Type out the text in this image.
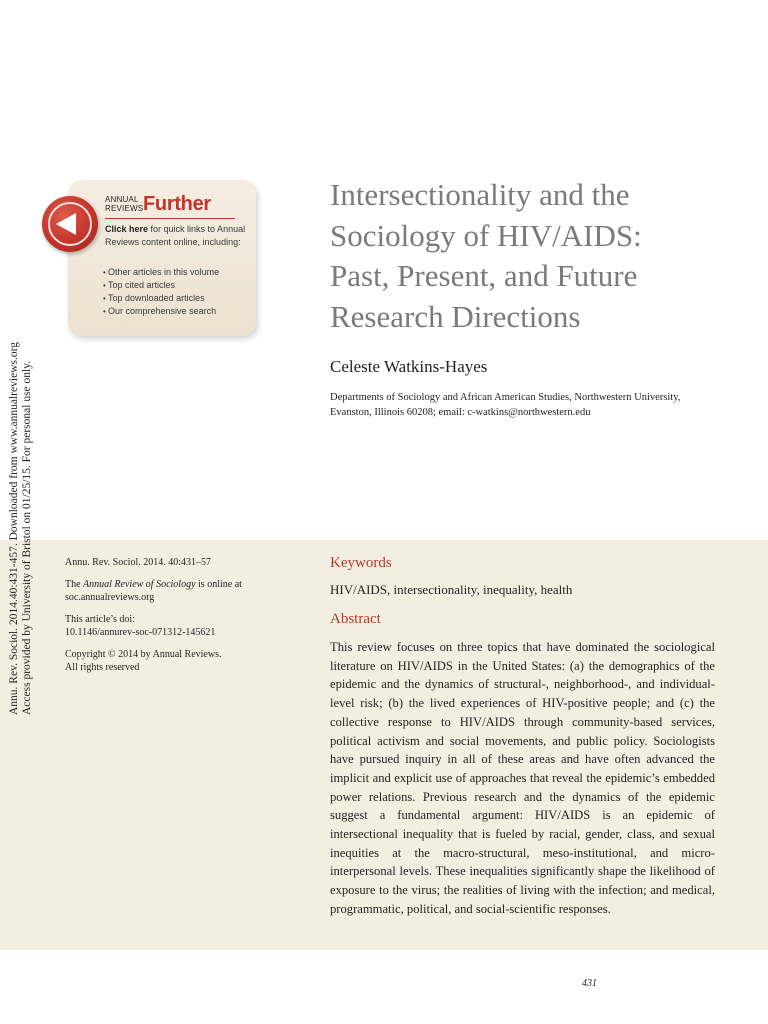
ANNUAL
REVIEWS Further
Click here for quick links to Annual Reviews content online, including:
• Other articles in this volume
• Top cited articles
• Top downloaded articles
• Our comprehensive search
Intersectionality and the
Sociology of HIV/AIDS:
Past, Present, and Future
Research Directions
Celeste Watkins-Hayes
Departments of Sociology and African American Studies, Northwestern University,
Evanston, Illinois 60208; email: c-watkins@northwestern.edu
Annu. Rev. Sociol. 2014.40:431-457. Downloaded from www.annualreviews.org Access provided by University of Bristol on 01/25/15. For personal use only.	Annu. Rev. Sociol. 2014. 40:431–57

The Annual Review of Sociology is online at
soc.annualreviews.org

This article’s doi:
10.1146/annurev-soc-071312-145621

Copyright © 2014 by Annual Reviews.
All rights reserved

Keywords
HIV/AIDS, intersectionality, inequality, health
Abstract
This review focuses on three topics that have dominated the sociological literature on HIV/AIDS in the United States: (a) the demographics of the epidemic and the dynamics of structural-, neighborhood-, and individual-level risk; (b) the lived experiences of HIV-positive people; and (c) the collective response to HIV/AIDS through community-based services, political activism and social movements, and public policy. Sociologists have pursued inquiry in all of these areas and have often advanced the implicit and explicit use of approaches that reveal the epidemic’s embedded power relations. Previous research and the dynamics of the epidemic suggest a fundamental argument: HIV/AIDS is an epidemic of intersectional inequality that is fueled by racial, gender, class, and sexual inequities at the macro-structural, meso-institutional, and micro-interpersonal levels. These inequalities significantly shape the likelihood of exposure to the virus; the realities of living with the infection; and medical, programmatic, political, and social-scientific responses.
431
